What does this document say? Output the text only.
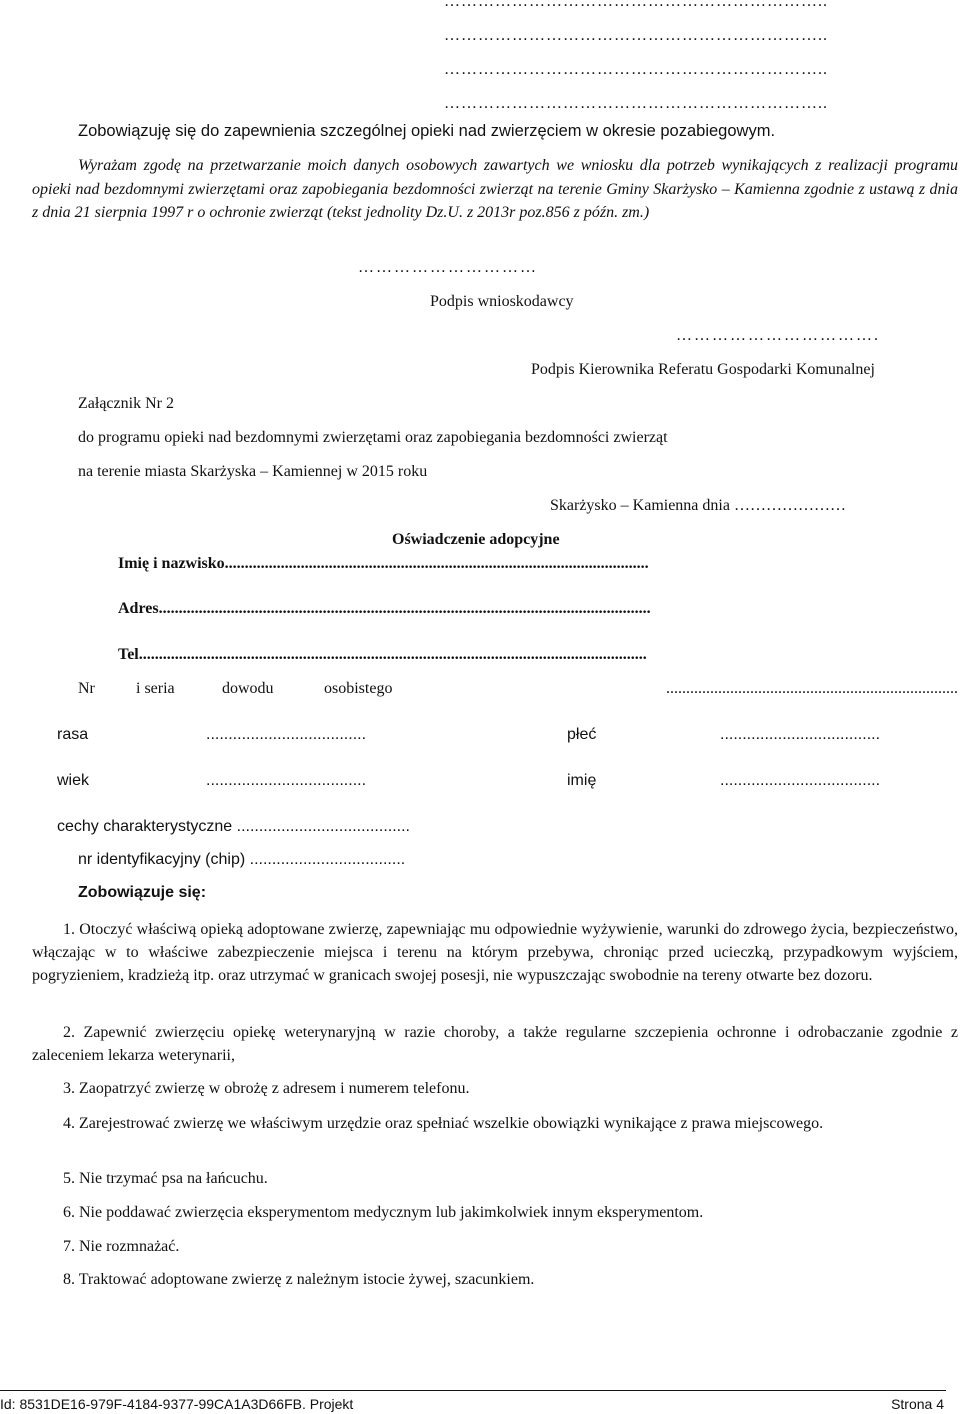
…………………………………………………………..
…………………………………………………………..
…………………………………………………………..
…………………………………………………………..
Zobowiązuję się do zapewnienia szczególnej opieki nad zwierzęciem w okresie pozabiegowym.
Wyrażam zgodę na przetwarzanie moich danych osobowych zawartych we wniosku dla potrzeb wynikających z realizacji programu opieki nad bezdomnymi zwierzętami oraz zapobiegania bezdomności zwierząt na terenie Gminy Skarżysko – Kamienna zgodnie z ustawą z dnia z dnia 21 sierpnia 1997 r o ochronie zwierząt (tekst jednolity Dz.U. z 2013r poz.856 z późn. zm.)
…………………………
Podpis wnioskodawcy
…………………………….
Podpis Kierownika Referatu Gospodarki Komunalnej
Załącznik Nr 2
do programu opieki nad bezdomnymi zwierzętami oraz zapobiegania bezdomności zwierząt
na terenie miasta Skarżyska – Kamiennej w 2015 roku
Skarżysko – Kamienna dnia …………………
Oświadczenie adopcyjne
Imię i nazwisko..........................................................................................................
Adres...........................................................................................................................
Tel...............................................................................................................................
Nr	i seria	dowodu	osobistego	.........................................................................
rasa	....................................	płeć	....................................
wiek	....................................	imię	....................................
cechy charakterystyczne .......................................
nr identyfikacyjny (chip) ...................................
Zobowiązuje się:
1. Otoczyć właściwą opieką adoptowane zwierzę, zapewniając mu odpowiednie wyżywienie, warunki do zdrowego życia, bezpieczeństwo, włączając w to właściwe zabezpieczenie miejsca i terenu na którym przebywa, chroniąc przed ucieczką, przypadkowym wyjściem, pogryzieniem, kradzieżą itp. oraz utrzymać w granicach swojej posesji, nie wypuszczając swobodnie na tereny otwarte bez dozoru.
2. Zapewnić zwierzęciu opiekę weterynaryjną w razie choroby, a także regularne szczepienia ochronne i odrobaczanie zgodnie z zaleceniem lekarza weterynarii,
3. Zaopatrzyć zwierzę w obrożę z adresem i numerem telefonu.
4. Zarejestrować zwierzę we właściwym urzędzie oraz spełniać wszelkie obowiązki wynikające z prawa miejscowego.
5. Nie trzymać psa na łańcuchu.
6. Nie poddawać zwierzęcia eksperymentom medycznym lub jakimkolwiek innym eksperymentom.
7. Nie rozmnażać.
8. Traktować adoptowane zwierzę z należnym istocie żywej, szacunkiem.
Id: 8531DE16-979F-4184-9377-99CA1A3D66FB. Projekt	Strona 4
